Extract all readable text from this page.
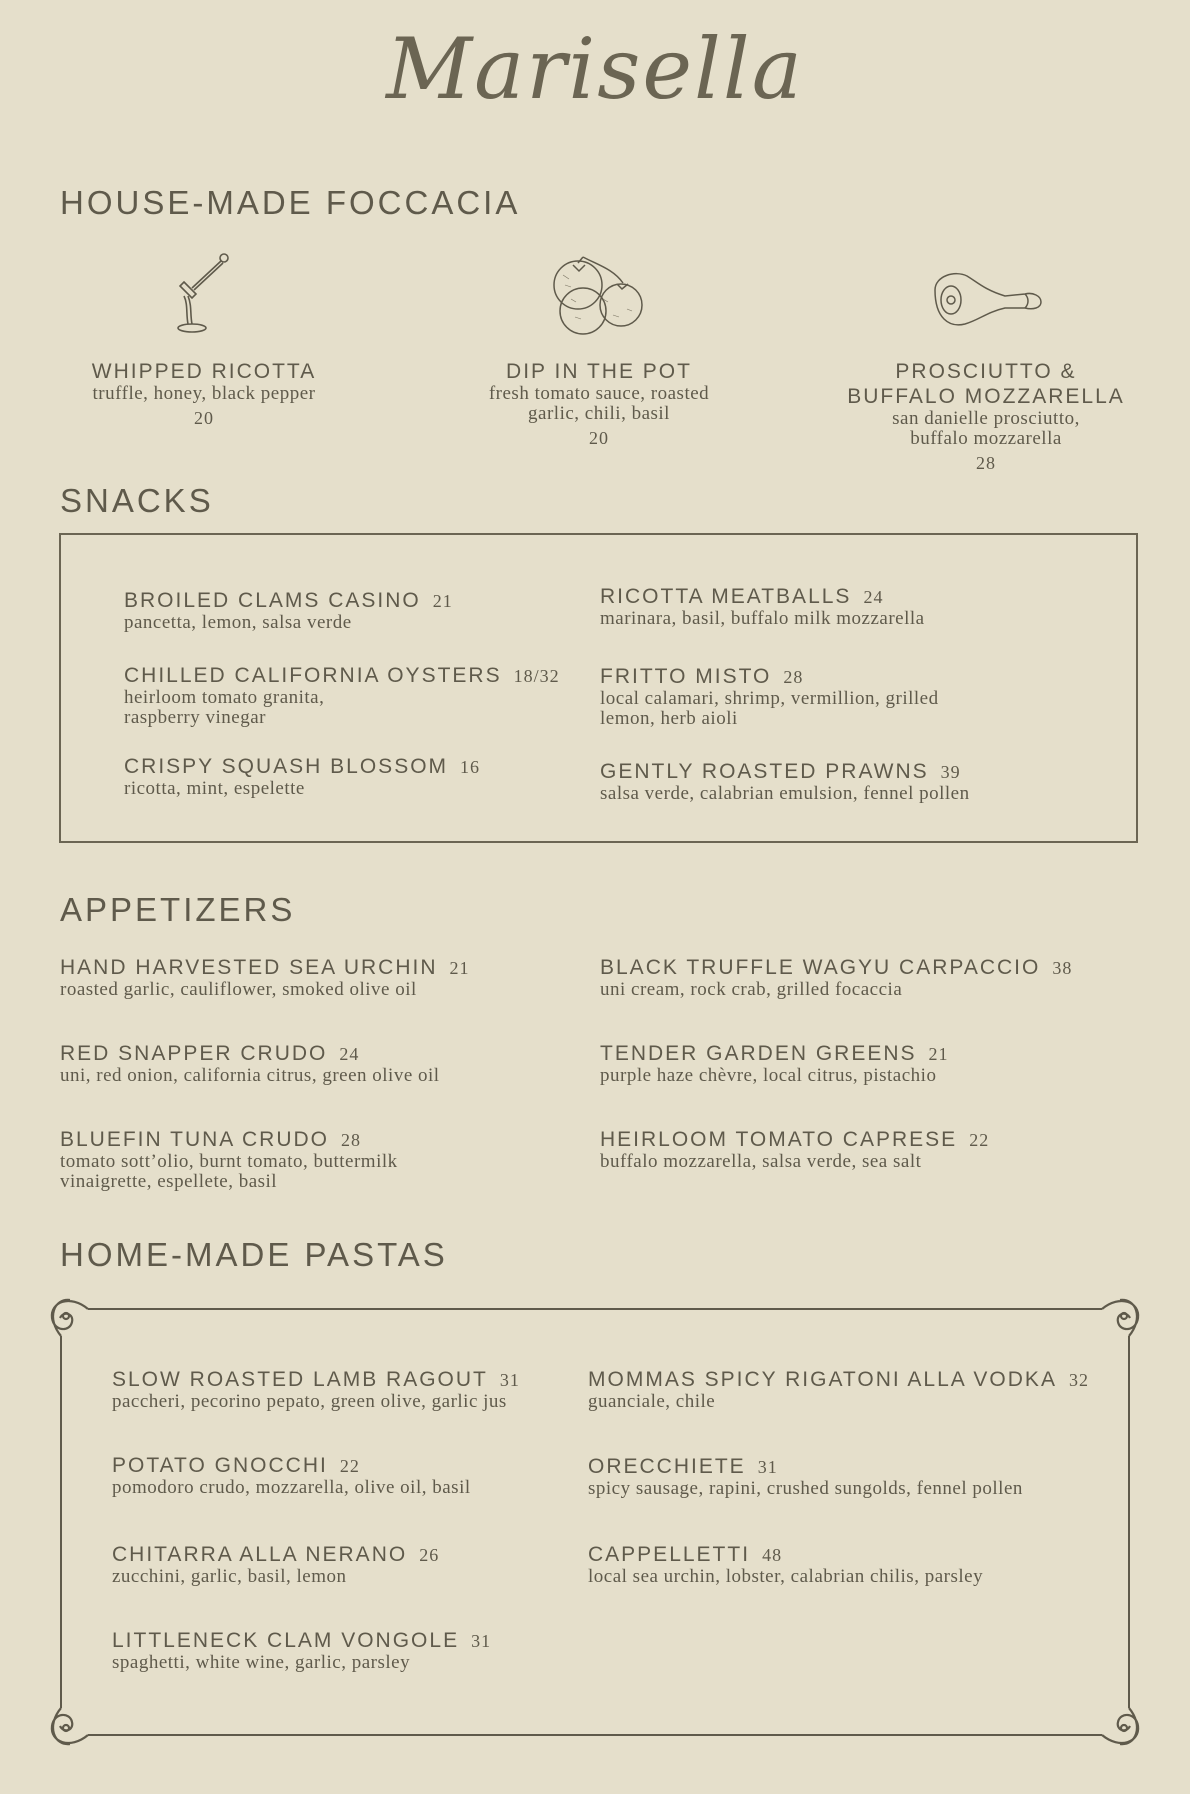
Marisella
HOUSE-MADE FOCCACIA
WHIPPED RICOTTA
truffle, honey, black pepper
20
DIP IN THE POT
fresh tomato sauce, roasted
garlic, chili, basil
20
PROSCIUTTO &
BUFFALO MOZZARELLA
san danielle prosciutto,
buffalo mozzarella
28
SNACKS
BROILED CLAMS CASINO 21
pancetta, lemon, salsa verde
CHILLED CALIFORNIA OYSTERS 18/32
heirloom tomato granita,
raspberry vinegar
CRISPY SQUASH BLOSSOM 16
ricotta, mint, espelette
RICOTTA MEATBALLS 24
marinara, basil, buffalo milk mozzarella
FRITTO MISTO 28
local calamari, shrimp, vermillion, grilled
lemon, herb aioli
GENTLY ROASTED PRAWNS 39
salsa verde, calabrian emulsion, fennel pollen
APPETIZERS
HAND HARVESTED SEA URCHIN 21
roasted garlic, cauliflower, smoked olive oil
RED SNAPPER CRUDO 24
uni, red onion, california citrus, green olive oil
BLUEFIN TUNA CRUDO 28
tomato sott’olio, burnt tomato, buttermilk
vinaigrette, espellete, basil
BLACK TRUFFLE WAGYU CARPACCIO 38
uni cream, rock crab, grilled focaccia
TENDER GARDEN GREENS 21
purple haze chèvre, local citrus, pistachio
HEIRLOOM TOMATO CAPRESE 22
buffalo mozzarella, salsa verde, sea salt
HOME-MADE PASTAS
SLOW ROASTED LAMB RAGOUT 31
paccheri, pecorino pepato, green olive, garlic jus
POTATO GNOCCHI 22
pomodoro crudo, mozzarella, olive oil, basil
CHITARRA ALLA NERANO 26
zucchini, garlic, basil, lemon
LITTLENECK CLAM VONGOLE 31
spaghetti, white wine, garlic, parsley
MOMMAS SPICY RIGATONI ALLA VODKA 32
guanciale, chile
ORECCHIETE 31
spicy sausage, rapini, crushed sungolds, fennel pollen
CAPPELLETTI 48
local sea urchin, lobster, calabrian chilis, parsley
